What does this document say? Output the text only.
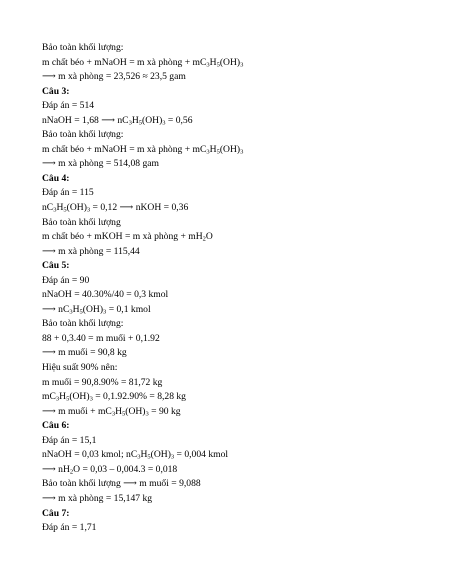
Bảo toàn khối lượng:
m chất béo + mNaOH = m xà phòng + $mC_3H_5(OH)_3$
⟶ m xà phòng = 23,526 ≈ 23,5 gam
Câu 3:
Đáp án = 514
nNaOH = 1,68 ⟶ $nC_3H_5(OH)_3 = 0,56$
Bảo toàn khối lượng:
m chất béo + mNaOH = m xà phòng + $mC_3H_5(OH)_3$
⟶ m xà phòng = 514,08 gam
Câu 4:
Đáp án = 115
$nC_3H_5(OH)_3 = 0,12$ ⟶ nKOH = 0,36
Bảo toàn khối lượng
m chất béo + mKOH = m xà phòng + $mH_2O$
⟶ m xà phòng = 115,44
Câu 5:
Đáp án = 90
nNaOH = 40.30%/40 = 0,3 kmol
⟶ $nC_3H_5(OH)_3 = 0,1$ kmol
Bảo toàn khối lượng:
88 + 0,3.40 = m muối + 0,1.92
⟶ m muối = 90,8 kg
Hiệu suất 90% nên:
m muối = 90,8.90% = 81,72 kg
$mC_3H_5(OH)_3 = 0,1.92.90\% = 8,28$ kg
⟶ m muối + $mC_3H_5(OH)_3 = 90$ kg
Câu 6:
Đáp án = 15,1
nNaOH = 0,03 kmol; $nC_3H_5(OH)_3 = 0,004$ kmol
⟶ $nH_2O = 0,03 - 0,004.3 = 0,018$
Bảo toàn khối lượng ⟶ m muối = 9,088
⟶ m xà phòng = 15,147 kg
Câu 7:
Đáp án = 1,71
